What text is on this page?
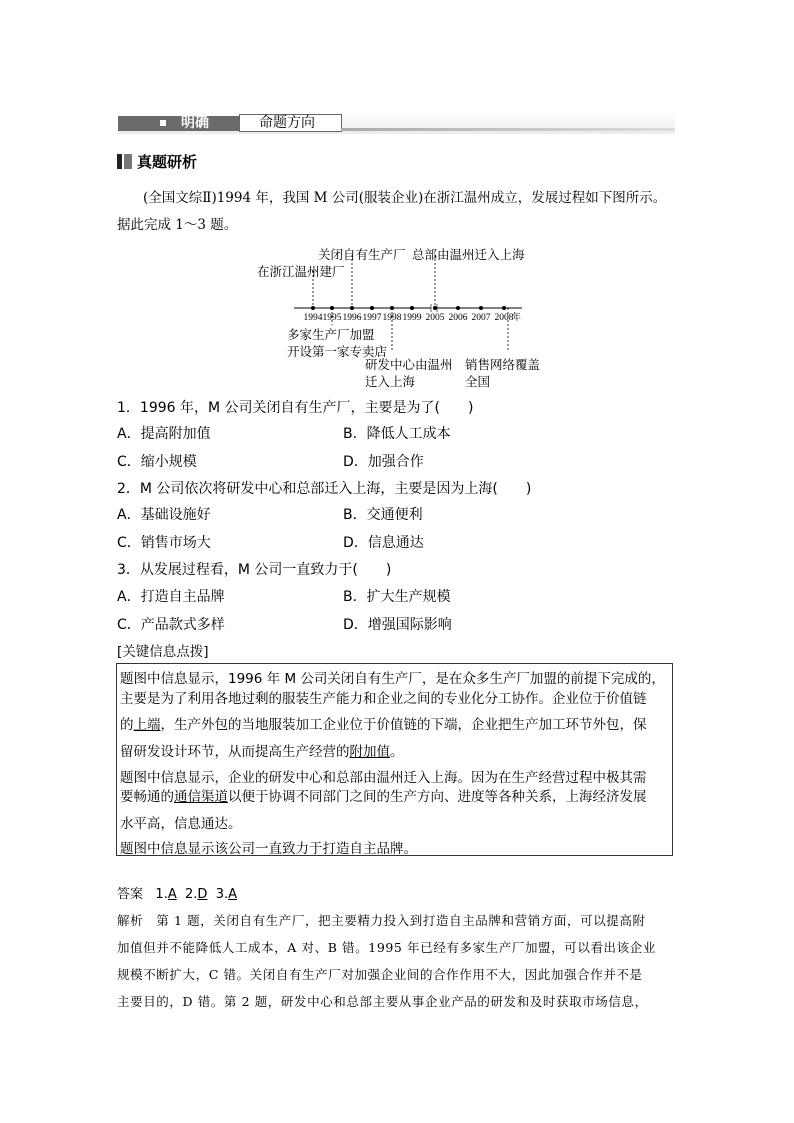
明确	命题方向
真题研析
(全国文综Ⅱ)1994 年，我国 M 公司(服装企业)在浙江温州成立，发展过程如下图所示。
据此完成 1～3 题。
1994 1995 1996 1997 1998 1999 2005 2006 2007 2008
年
在浙江温州建厂
关闭自有生产厂 总部由温州迁入上海
多家生产厂加盟
开设第一家专卖店
研发中心由温州
迁入上海
销售网络覆盖
全国
1．1996 年，M 公司关闭自有生产厂，主要是为了(　　)
A．提高附加值	B．降低人工成本
C．缩小规模	D．加强合作
2．M 公司依次将研发中心和总部迁入上海，主要是因为上海(　　)
A．基础设施好	B．交通便利
C．销售市场大	D．信息通达
3．从发展过程看，M 公司一直致力于(　　)
A．打造自主品牌	B．扩大生产规模
C．产品款式多样	D．增强国际影响
[关键信息点拨]
题图中信息显示，1996 年 M 公司关闭自有生产厂，是在众多生产厂加盟的前提下完成的，
主要是为了利用各地过剩的服装生产能力和企业之间的专业化分工协作。企业位于价值链
的上端，生产外包的当地服装加工企业位于价值链的下端，企业把生产加工环节外包，保
留研发设计环节，从而提高生产经营的附加值。
题图中信息显示，企业的研发中心和总部由温州迁入上海。因为在生产经营过程中极其需
要畅通的通信渠道以便于协调不同部门之间的生产方向、进度等各种关系，上海经济发展
水平高，信息通达。
题图中信息显示该公司一直致力于打造自主品牌。
答案 1.A 2.D 3.A
解析　第 1 题，关闭自有生产厂，把主要精力投入到打造自主品牌和营销方面，可以提高附
加值但并不能降低人工成本，A 对、B 错。1995 年已经有多家生产厂加盟，可以看出该企业
规模不断扩大，C 错。关闭自有生产厂对加强企业间的合作作用不大，因此加强合作并不是
主要目的，D 错。第 2 题，研发中心和总部主要从事企业产品的研发和及时获取市场信息，
